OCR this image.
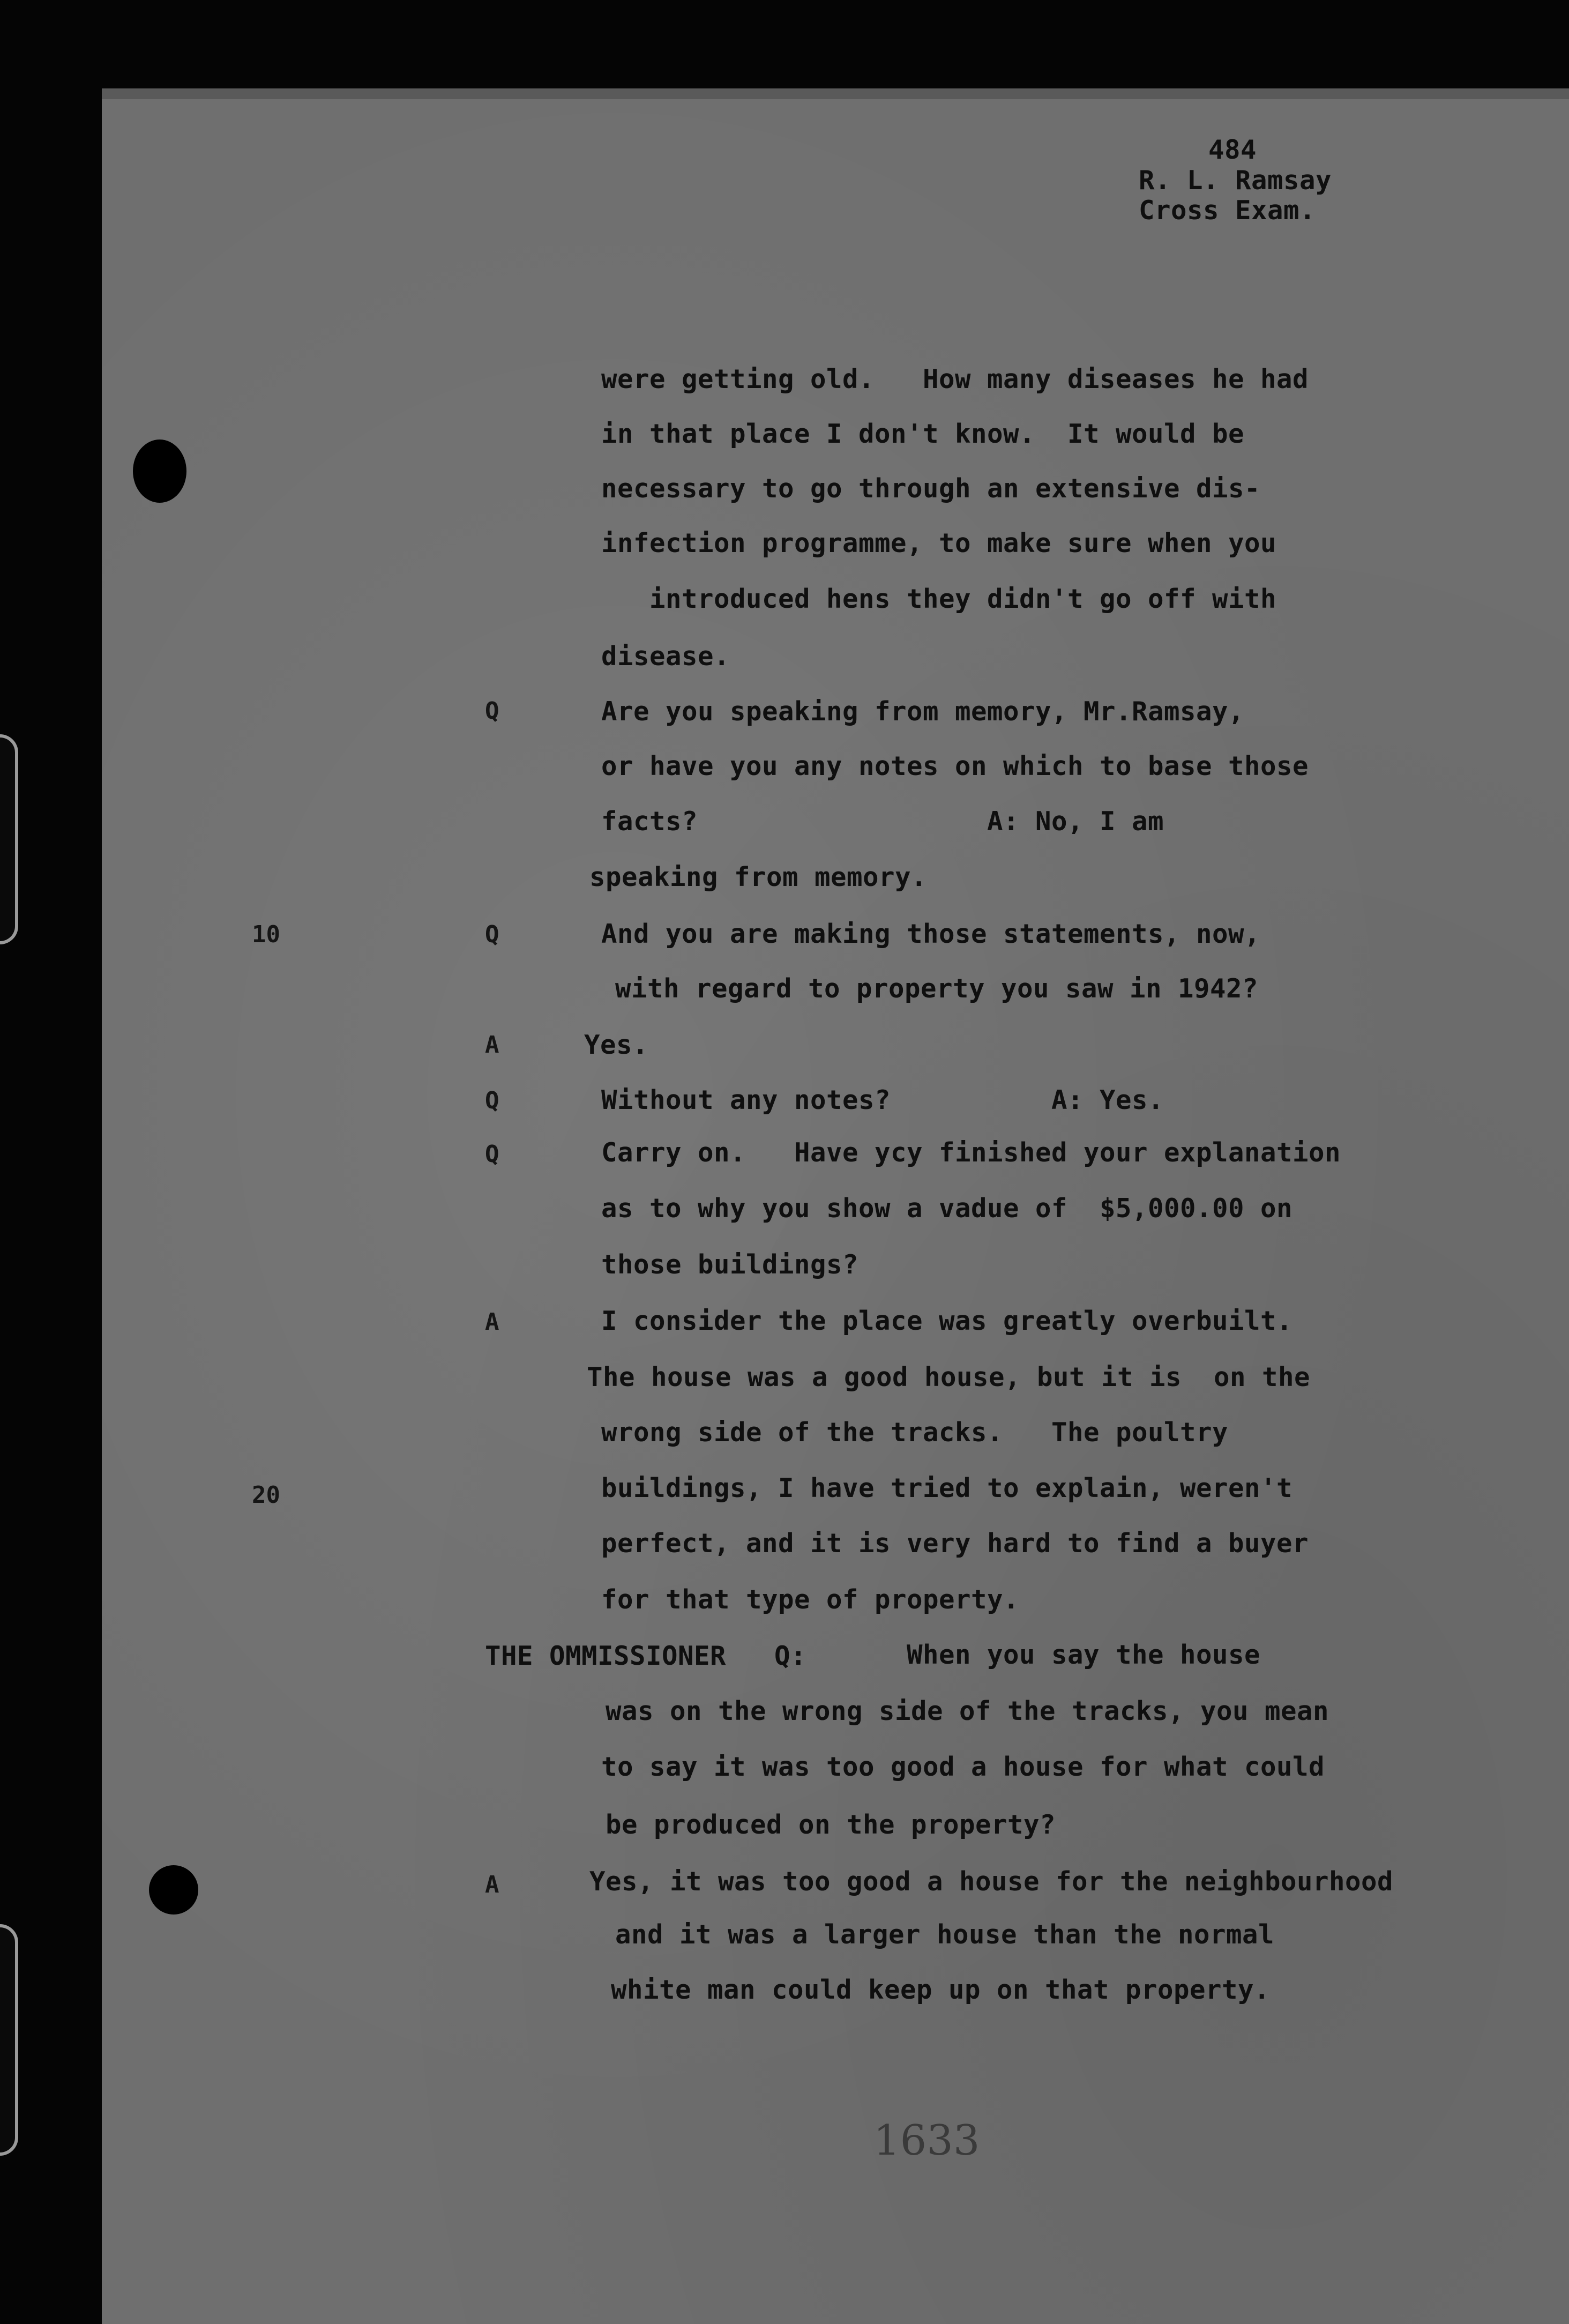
484

R. L. Ramsay

Cross Exam.

10

20

were getting old.   How many diseases he had

in that place I don't know.  It would be

necessary to go through an extensive dis-

infection programme, to make sure when you

introduced hens they didn't go off with

disease.

Q	Are you speaking from memory, Mr.Ramsay,

or have you any notes on which to base those

facts?                  A: No, I am

speaking from memory.

Q	And you are making those statements, now,

with regard to property you saw in 1942?

A	Yes.

Q	Without any notes?          A: Yes.

Q	Carry on.   Have ycy finished your explanation

as to why you show a vadue of  $5,000.00 on

those buildings?

A	I consider the place was greatly overbuilt.

The house was a good house, but it is  on the

wrong side of the tracks.   The poultry

buildings, I have tried to explain, weren't

perfect, and it is very hard to find a buyer

for that type of property.

THE OMMISSIONER   Q:	When you say the house

was on the wrong side of the tracks, you mean

to say it was too good a house for what could

be produced on the property?

A	Yes, it was too good a house for the neighbourhood

and it was a larger house than the normal

white man could keep up on that property.

1633
